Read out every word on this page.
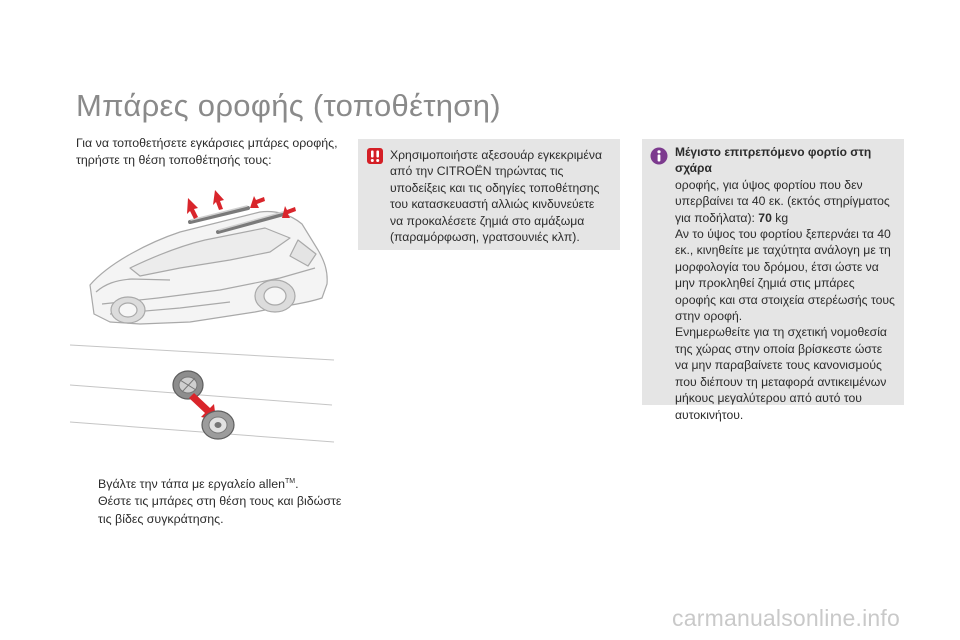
Μπάρες οροφής (τοποθέτηση)

Για να τοποθετήσετε εγκάρσιες μπάρες οροφής, τηρήστε τη θέση τοποθέτησής τους:

Βγάλτε την τάπα με εργαλείο allen™.
Θέστε τις μπάρες στη θέση τους και βιδώστε τις βίδες συγκράτησης.

Χρησιμοποιήστε αξεσουάρ εγκεκριμένα από την CITROËN τηρώντας τις υποδείξεις και τις οδηγίες τοποθέτησης του κατασκευαστή αλλιώς κινδυνεύετε να προκαλέσετε ζημιά στο αμάξωμα (παραμόρφωση, γρατσουνιές κλπ).

Μέγιστο επιτρεπόμενο φορτίο στη σχάρα
οροφής, για ύψος φορτίου που δεν υπερβαίνει τα 40 εκ. (εκτός στηρίγματος για ποδήλατα): 70 kg
Αν το ύψος του φορτίου ξεπερνάει τα 40 εκ., κινηθείτε με ταχύτητα ανάλογη με τη μορφολογία του δρόμου, έτσι ώστε να μην προκληθεί ζημιά στις μπάρες οροφής και στα στοιχεία στερέωσής τους στην οροφή.
Ενημερωθείτε για τη σχετική νομοθεσία της χώρας στην οποία βρίσκεστε ώστε να μην παραβαίνετε τους κανονισμούς που διέπουν τη μεταφορά αντικειμένων μήκους μεγαλύτερου από αυτό του αυτοκινήτου.

carmanualsonline.info
